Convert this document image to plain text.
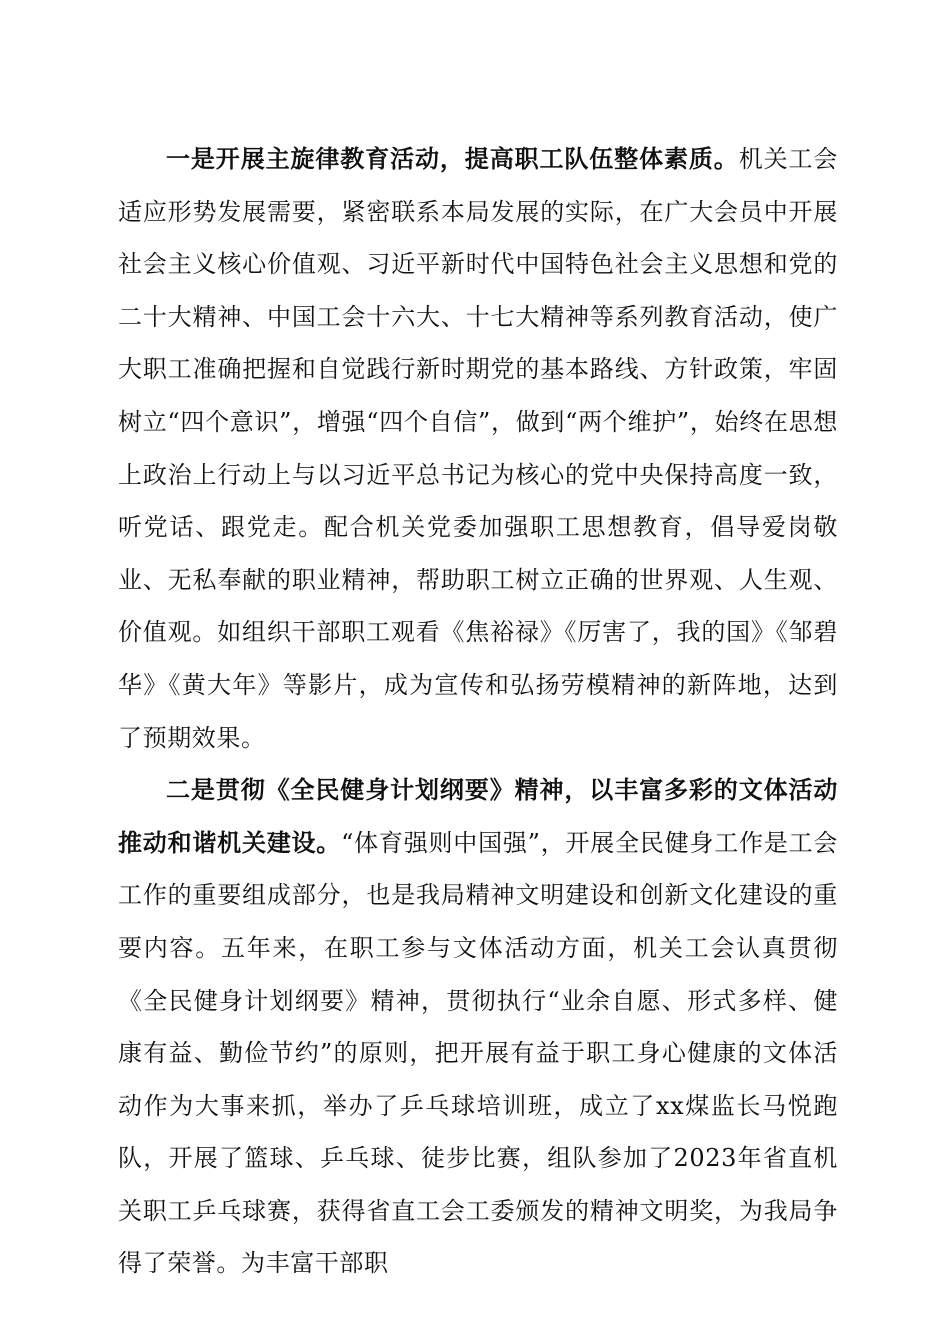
一是开展主旋律教育活动，提高职工队伍整体素质。机关工会适应形势发展需要，紧密联系本局发展的实际，在广大会员中开展社会主义核心价值观、习近平新时代中国特色社会主义思想和党的二十大精神、中国工会十六大、十七大精神等系列教育活动，使广大职工准确把握和自觉践行新时期党的基本路线、方针政策，牢固树立“四个意识”，增强“四个自信”，做到“两个维护”，始终在思想上政治上行动上与以习近平总书记为核心的党中央保持高度一致，听党话、跟党走。配合机关党委加强职工思想教育，倡导爱岗敬业、无私奉献的职业精神，帮助职工树立正确的世界观、人生观、价值观。如组织干部职工观看《焦裕禄》《厉害了，我的国》《邹碧华》《黄大年》等影片，成为宣传和弘扬劳模精神的新阵地，达到了预期效果。

二是贯彻《全民健身计划纲要》精神，以丰富多彩的文体活动推动和谐机关建设。“体育强则中国强”，开展全民健身工作是工会工作的重要组成部分，也是我局精神文明建设和创新文化建设的重要内容。五年来，在职工参与文体活动方面，机关工会认真贯彻《全民健身计划纲要》精神，贯彻执行“业余自愿、形式多样、健康有益、勤俭节约”的原则，把开展有益于职工身心健康的文体活动作为大事来抓，举办了乒乓球培训班，成立了xx煤监长马悦跑队，开展了篮球、乒乓球、徒步比赛，组队参加了2023年省直机关职工乒乓球赛，获得省直工会工委颁发的精神文明奖，为我局争得了荣誉。为丰富干部职
